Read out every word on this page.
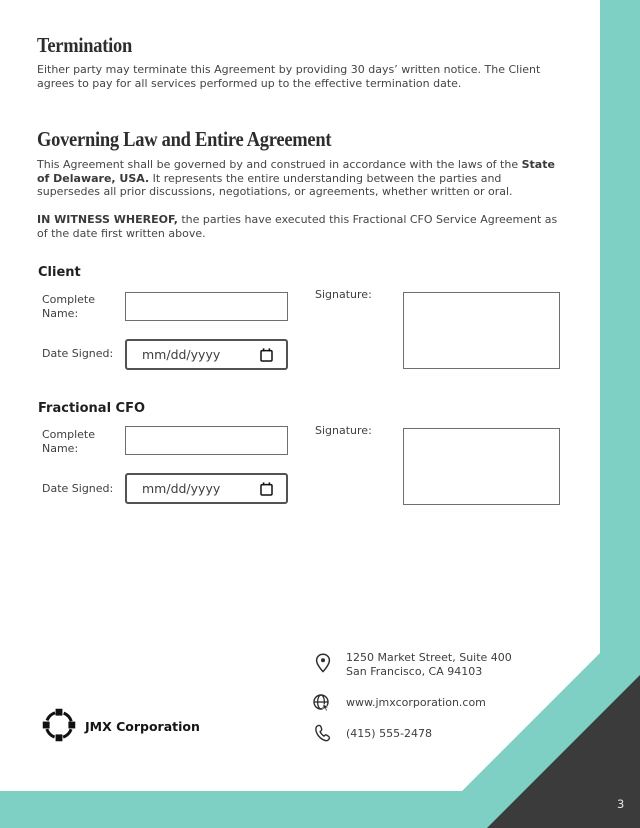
Termination
Either party may terminate this Agreement by providing 30 days’ written notice. The Client agrees to pay for all services performed up to the effective termination date.
Governing Law and Entire Agreement
This Agreement shall be governed by and construed in accordance with the laws of the State of Delaware, USA. It represents the entire understanding between the parties and supersedes all prior discussions, negotiations, or agreements, whether written or oral.
IN WITNESS WHEREOF, the parties have executed this Fractional CFO Service Agreement as of the date first written above.
Client
Complete Name:
Signature:
Date Signed: mm/dd/yyyy
Fractional CFO
Complete Name:
Signature:
Date Signed: mm/dd/yyyy
JMX Corporation
1250 Market Street, Suite 400
San Francisco, CA 94103
www.jmxcorporation.com
(415) 555-2478
3
